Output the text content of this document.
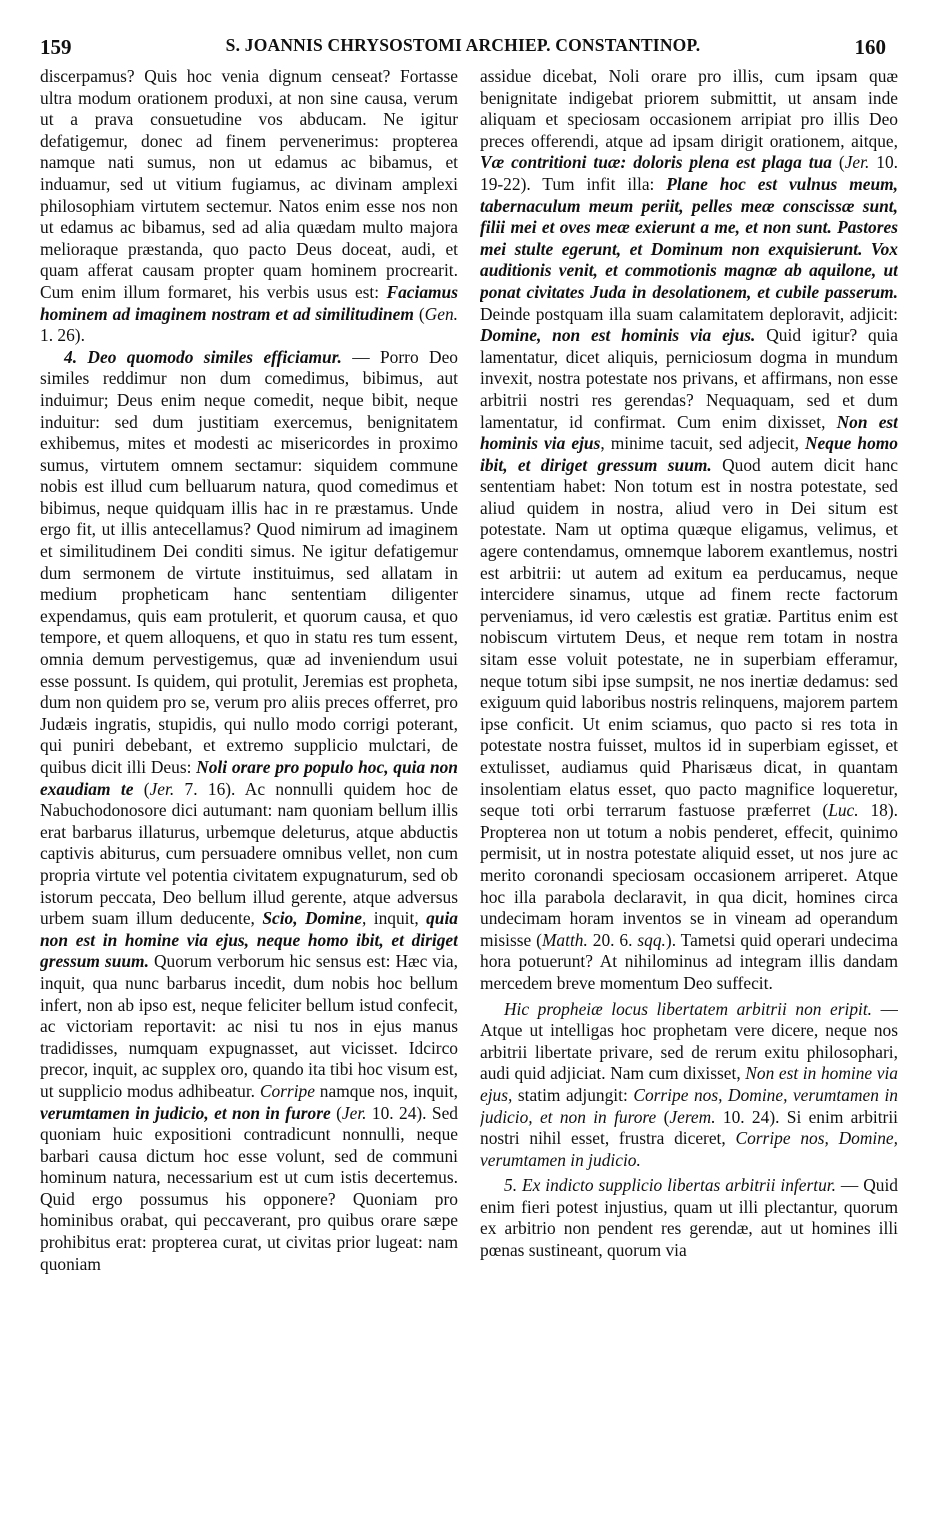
159	S. JOANNIS CHRYSOSTOMI ARCHIEP. CONSTANTINOP.	160

discerpamus? Quis hoc venia dignum censeat? Fortasse ultra modum orationem produxi, at non sine causa, verum ut a prava consuetudine vos abducam. Ne igitur defatigemur, donec ad finem pervenerimus: propterea namque nati sumus, non ut edamus ac bibamus, et induamur, sed ut vitium fugiamus, ac divinam amplexi philosophiam virtutem sectemur. Natos enim esse nos non ut edamus ac bibamus, sed ad alia quædam multo majora melioraque præstanda, quo pacto Deus doceat, audi, et quam afferat causam propter quam hominem procrearit. Cum enim illum formaret, his verbis usus est: Faciamus hominem ad imaginem nostram et ad similitudinem (Gen. 1. 26).

4. Deo quomodo similes efficiamur. — Porro Deo similes reddimur non dum comedimus, bibimus, aut induimur; Deus enim neque comedit, neque bibit, neque induitur: sed dum justitiam exercemus, benignitatem exhibemus, mites et modesti ac misericordes in proximo sumus, virtutem omnem sectamur: siquidem commune nobis est illud cum belluarum natura, quod comedimus et bibimus, neque quidquam illis hac in re præstamus. Unde ergo fit, ut illis antecellamus? Quod nimirum ad imaginem et similitudinem Dei conditi simus. Ne igitur defatigemur dum sermonem de virtute instituimus, sed allatam in medium propheticam hanc sententiam diligenter expendamus, quis eam protulerit, et quorum causa, et quo tempore, et quem alloquens, et quo in statu res tum essent, omnia demum pervestigemus, quæ ad inveniendum usui esse possunt. Is quidem, qui protulit, Jeremias est propheta, dum non quidem pro se, verum pro aliis preces offerret, pro Judæis ingratis, stupidis, qui nullo modo corrigi poterant, qui puniri debebant, et extremo supplicio mulctari, de quibus dicit illi Deus: Noli orare pro populo hoc, quia non exaudiam te (Jer. 7. 16). Ac nonnulli quidem hoc de Nabuchodonosore dici autumant: nam quoniam bellum illis erat barbarus illaturus, urbemque deleturus, atque abductis captivis abiturus, cum persuadere omnibus vellet, non cum propria virtute vel potentia civitatem expugnaturum, sed ob istorum peccata, Deo bellum illud gerente, atque adversus urbem suam illum deducente, Scio, Domine, inquit, quia non est in homine via ejus, neque homo ibit, et diriget gressum suum. Quorum verborum hic sensus est: Hæc via, inquit, qua nunc barbarus incedit, dum nobis hoc bellum infert, non ab ipso est, neque feliciter bellum istud confecit, ac victoriam reportavit: ac nisi tu nos in ejus manus tradidisses, numquam expugnasset, aut vicisset. Idcirco precor, inquit, ac supplex oro, quando ita tibi hoc visum est, ut supplicio modus adhibeatur. Corripe namque nos, inquit, verumtamen in judicio, et non in furore (Jer. 10. 24). Sed quoniam huic expositioni contradicunt nonnulli, neque barbari causa dictum hoc esse volunt, sed de communi hominum natura, necessarium est ut cum istis decertemus. Quid ergo possumus his opponere? Quoniam pro hominibus orabat, qui peccaverant, pro quibus orare sæpe prohibitus erat: propterea curat, ut civitas prior lugeat: nam quoniam

assidue dicebat, Noli orare pro illis, cum ipsam quæ benignitate indigebat priorem submittit, ut ansam inde aliquam et speciosam occasionem arripiat pro illis Deo preces offerendi, atque ad ipsam dirigit orationem, aitque, Væ contritioni tuæ: doloris plena est plaga tua (Jer. 10. 19-22). Tum infit illa: Plane hoc est vulnus meum, tabernaculum meum periit, pelles meæ conscissæ sunt, filii mei et oves meæ exierunt a me, et non sunt. Pastores mei stulte egerunt, et Dominum non exquisierunt. Vox auditionis venit, et commotionis magnæ ab aquilone, ut ponat civitates Juda in desolationem, et cubile passerum. Deinde postquam illa suam calamitatem deploravit, adjicit: Domine, non est hominis via ejus. Quid igitur? quia lamentatur, dicet aliquis, perniciosum dogma in mundum invexit, nostra potestate nos privans, et affirmans, non esse arbitrii nostri res gerendas? Nequaquam, sed et dum lamentatur, id confirmat. Cum enim dixisset, Non est hominis via ejus, minime tacuit, sed adjecit, Neque homo ibit, et diriget gressum suum. Quod autem dicit hanc sententiam habet: Non totum est in nostra potestate, sed aliud quidem in nostra, aliud vero in Dei situm est potestate. Nam ut optima quæque eligamus, velimus, et agere contendamus, omnemque laborem exantlemus, nostri est arbitrii: ut autem ad exitum ea perducamus, neque intercidere sinamus, utque ad finem recte factorum perveniamus, id vero cælestis est gratiæ. Partitus enim est nobiscum virtutem Deus, et neque rem totam in nostra sitam esse voluit potestate, ne in superbiam efferamur, neque totum sibi ipse sumpsit, ne nos inertiæ dedamus: sed exiguum quid laboribus nostris relinquens, majorem partem ipse conficit. Ut enim sciamus, quo pacto si res tota in potestate nostra fuisset, multos id in superbiam egisset, et extulisset, audiamus quid Pharisæus dicat, in quantam insolentiam elatus esset, quo pacto magnifice loqueretur, seque toti orbi terrarum fastuose præferret (Luc. 18). Propterea non ut totum a nobis penderet, effecit, quinimo permisit, ut in nostra potestate aliquid esset, ut nos jure ac merito coronandi speciosam occasionem arriperet. Atque hoc illa parabola declaravit, in qua dicit, homines circa undecimam horam inventos se in vineam ad operandum misisse (Matth. 20. 6. sqq.). Tametsi quid operari undecima hora potuerunt? At nihilominus ad integram illis dandam mercedem breve momentum Deo suffecit.

Hic propheiæ locus libertatem arbitrii non eripit. — Atque ut intelligas hoc prophetam vere dicere, neque nos arbitrii libertate privare, sed de rerum exitu philosophari, audi quid adjiciat. Nam cum dixisset, Non est in homine via ejus, statim adjungit: Corripe nos, Domine, verumtamen in judicio, et non in furore (Jerem. 10. 24). Si enim arbitrii nostri nihil esset, frustra diceret, Corripe nos, Domine, verumtamen in judicio.

5. Ex indicto supplicio libertas arbitrii infertur. — Quid enim fieri potest injustius, quam ut illi plectantur, quorum ex arbitrio non pendent res gerendæ, aut ut homines illi pœnas sustineant, quorum via
